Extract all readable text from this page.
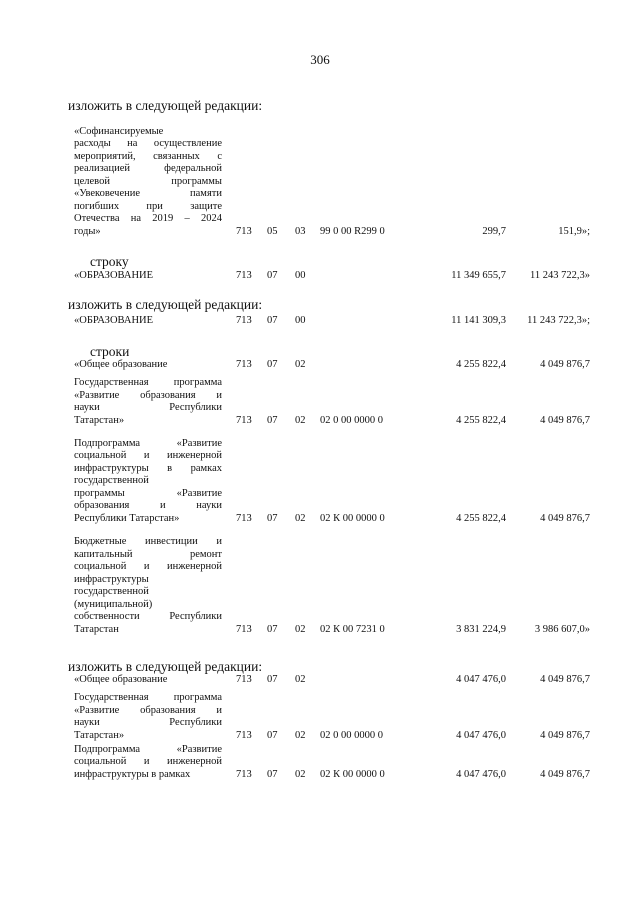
306
изложить в следующей редакции:
«Софинансируемые
расходы на осуществление
мероприятий, связанных с
реализацией федеральной
целевой программы
«Увековечение памяти
погибших при защите
Отечества на 2019 – 2024
годы»	713 05 03 99 0 00 R299 0	299,7	151,9»;
строку
«ОБРАЗОВАНИЕ	713 07 00	11 349 655,7 11 243 722,3»
изложить в следующей редакции:
«ОБРАЗОВАНИЕ	713 07 00	11 141 309,3 11 243 722,3»;
строки
«Общее образование	713 07 02	4 255 822,4	4 049 876,7
Государственная программа
«Развитие образования и
науки Республики
Татарстан»	713 07 02 02 0 00 0000 0	4 255 822,4	4 049 876,7
Подпрограмма «Развитие
социальной и инженерной
инфраструктуры в рамках
государственной
программы «Развитие
образования и науки
Республики Татарстан»	713 07 02 02 К 00 0000 0	4 255 822,4	4 049 876,7
Бюджетные инвестиции и
капитальный ремонт
социальной и инженерной
инфраструктуры
государственной
(муниципальной)
собственности Республики
Татарстан	713 07 02 02 К 00 7231 0	3 831 224,9	3 986 607,0»
изложить в следующей редакции:
«Общее образование	713 07 02	4 047 476,0	4 049 876,7
Государственная программа
«Развитие образования и
науки Республики
Татарстан»	713 07 02 02 0 00 0000 0	4 047 476,0	4 049 876,7
Подпрограмма «Развитие
социальной и инженерной
инфраструктуры в рамках	713 07 02 02 К 00 0000 0	4 047 476,0	4 049 876,7
